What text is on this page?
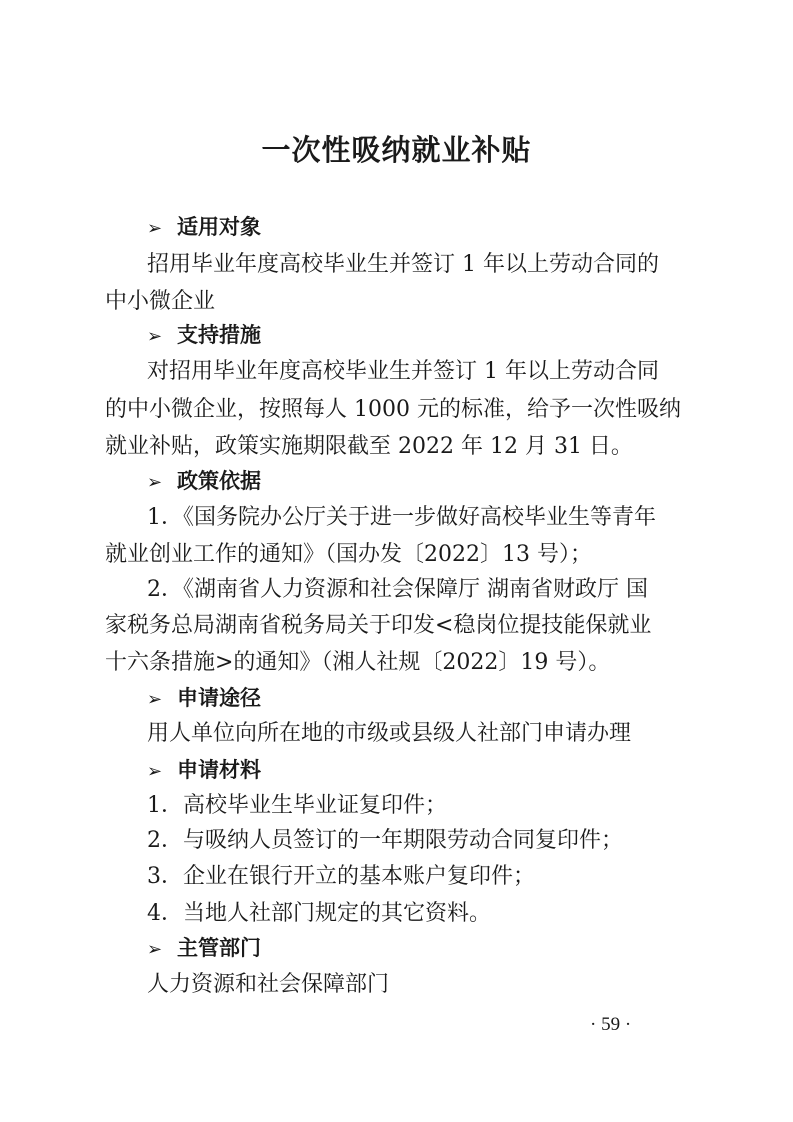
一次性吸纳就业补贴
➢ 适用对象
招用毕业年度高校毕业生并签订 1 年以上劳动合同的
中小微企业
➢ 支持措施
对招用毕业年度高校毕业生并签订 1 年以上劳动合同
的中小微企业，按照每人 1000 元的标准，给予一次性吸纳
就业补贴，政策实施期限截至 2022 年 12 月 31 日。
➢ 政策依据
1．《国务院办公厅关于进一步做好高校毕业生等青年
就业创业工作的通知》（国办发〔2022〕13 号）；
2．《湖南省人力资源和社会保障厅 湖南省财政厅 国
家税务总局湖南省税务局关于印发<稳岗位提技能保就业
十六条措施>的通知》（湘人社规〔2022〕19 号）。
➢ 申请途径
用人单位向所在地的市级或县级人社部门申请办理
➢ 申请材料
1．高校毕业生毕业证复印件；
2．与吸纳人员签订的一年期限劳动合同复印件；
3．企业在银行开立的基本账户复印件；
4．当地人社部门规定的其它资料。
➢ 主管部门
人力资源和社会保障部门
· 59 ·
